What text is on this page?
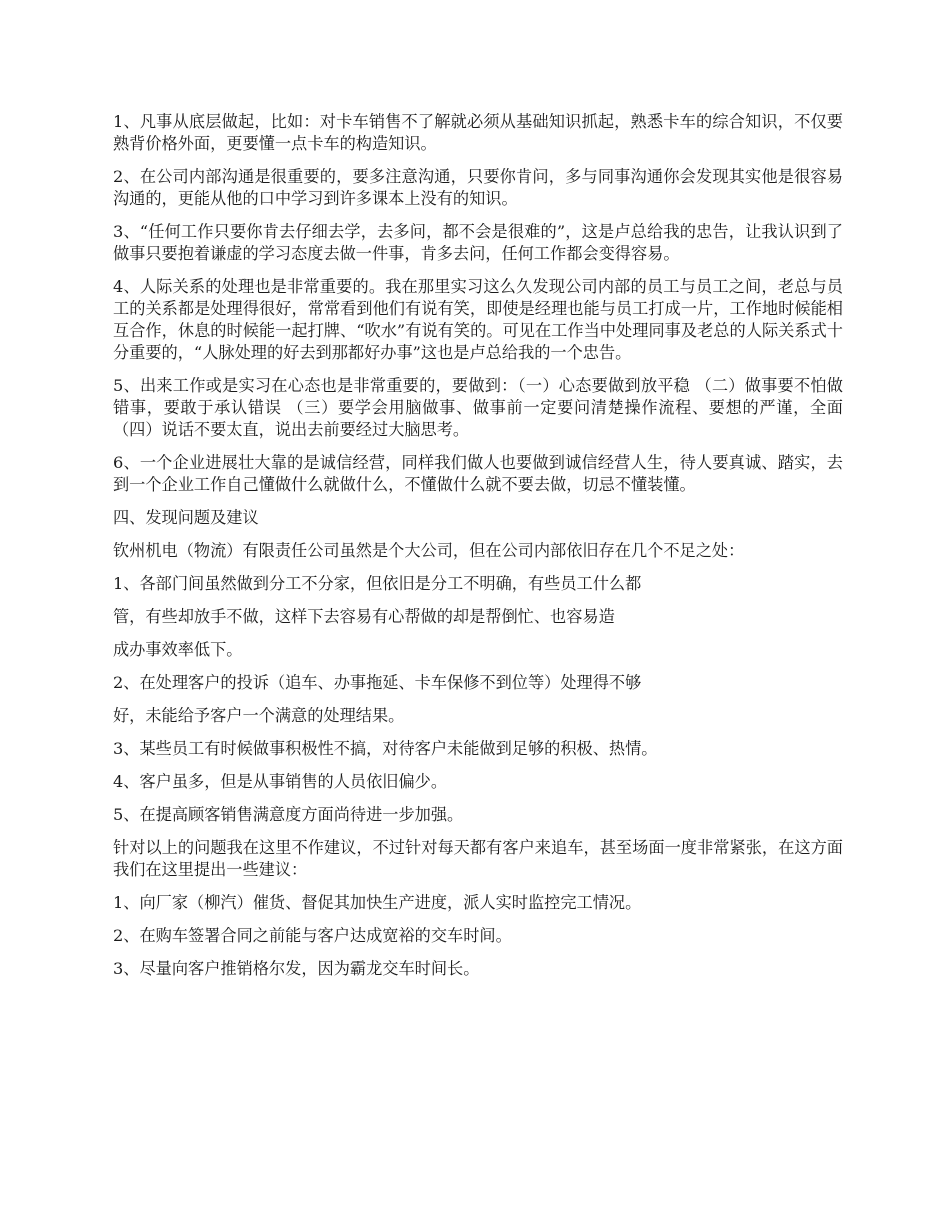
1、凡事从底层做起，比如：对卡车销售不了解就必须从基础知识抓起，熟悉卡车的综合知识，不仅要熟背价格外面，更要懂一点卡车的构造知识。

2、在公司内部沟通是很重要的，要多注意沟通，只要你肯问，多与同事沟通你会发现其实他是很容易沟通的，更能从他的口中学习到许多课本上没有的知识。

3、“任何工作只要你肯去仔细去学，去多问，都不会是很难的”，这是卢总给我的忠告，让我认识到了做事只要抱着谦虚的学习态度去做一件事，肯多去问，任何工作都会变得容易。

4、人际关系的处理也是非常重要的。我在那里实习这么久发现公司内部的员工与员工之间，老总与员工的关系都是处理得很好，常常看到他们有说有笑，即使是经理也能与员工打成一片，工作地时候能相互合作，休息的时候能一起打牌、“吹水”有说有笑的。可见在工作当中处理同事及老总的人际关系式十分重要的，“人脉处理的好去到那都好办事”这也是卢总给我的一个忠告。

5、出来工作或是实习在心态也是非常重要的，要做到：（一）心态要做到放平稳 （二）做事要不怕做错事，要敢于承认错误 （三）要学会用脑做事、做事前一定要问清楚操作流程、要想的严谨，全面 （四）说话不要太直，说出去前要经过大脑思考。

6、一个企业进展壮大靠的是诚信经营，同样我们做人也要做到诚信经营人生，待人要真诚、踏实，去到一个企业工作自己懂做什么就做什么，不懂做什么就不要去做，切忌不懂装懂。

四、发现问题及建议

钦州机电（物流）有限责任公司虽然是个大公司，但在公司内部依旧存在几个不足之处：

1、各部门间虽然做到分工不分家，但依旧是分工不明确，有些员工什么都

管，有些却放手不做，这样下去容易有心帮做的却是帮倒忙、也容易造

成办事效率低下。

2、在处理客户的投诉（追车、办事拖延、卡车保修不到位等）处理得不够

好，未能给予客户一个满意的处理结果。

3、某些员工有时候做事积极性不搞，对待客户未能做到足够的积极、热情。

4、客户虽多，但是从事销售的人员依旧偏少。

5、在提高顾客销售满意度方面尚待进一步加强。

针对以上的问题我在这里不作建议，不过针对每天都有客户来追车，甚至场面一度非常紧张，在这方面我们在这里提出一些建议：

1、向厂家（柳汽）催货、督促其加快生产进度，派人实时监控完工情况。

2、在购车签署合同之前能与客户达成宽裕的交车时间。

3、尽量向客户推销格尔发，因为霸龙交车时间长。
